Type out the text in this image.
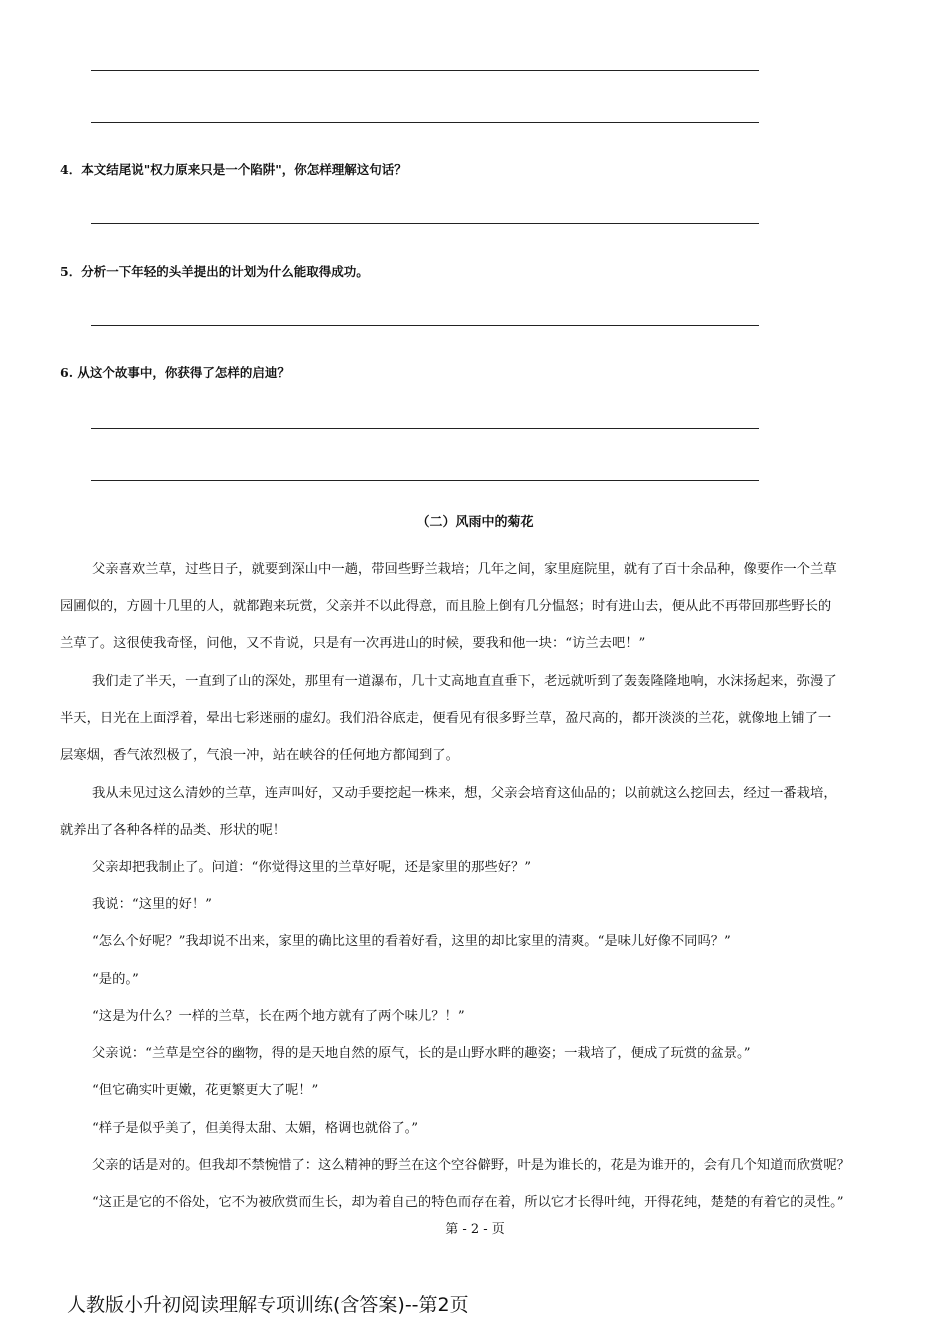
4．本文结尾说"权力原来只是一个陷阱"，你怎样理解这句话？
5．分析一下年轻的头羊提出的计划为什么能取得成功。
6. 从这个故事中，你获得了怎样的启迪？
（二）风雨中的菊花
父亲喜欢兰草，过些日子，就要到深山中一趟，带回些野兰栽培；几年之间，家里庭院里，就有了百十余品种，像要作一个兰草
园圃似的，方圆十几里的人，就都跑来玩赏，父亲并不以此得意，而且脸上倒有几分愠怒；时有进山去，便从此不再带回那些野长的
兰草了。这很使我奇怪，问他，又不肯说，只是有一次再进山的时候，要我和他一块：“访兰去吧！”
我们走了半天，一直到了山的深处，那里有一道瀑布，几十丈高地直直垂下，老远就听到了轰轰隆隆地响，水沫扬起来，弥漫了
半天，日光在上面浮着，晕出七彩迷丽的虚幻。我们沿谷底走，便看见有很多野兰草，盈尺高的，都开淡淡的兰花，就像地上铺了一
层寒烟，香气浓烈极了，气浪一冲，站在峡谷的任何地方都闻到了。
我从未见过这么清妙的兰草，连声叫好，又动手要挖起一株来，想，父亲会培育这仙品的；以前就这么挖回去，经过一番栽培，
就养出了各种各样的品类、形状的呢！
父亲却把我制止了。问道：“你觉得这里的兰草好呢，还是家里的那些好？”
我说：“这里的好！”
“怎么个好呢？”我却说不出来，家里的确比这里的看着好看，这里的却比家里的清爽。“是味儿好像不同吗？”
“是的。”
“这是为什么？一样的兰草，长在两个地方就有了两个味儿？！”
父亲说：“兰草是空谷的幽物，得的是天地自然的原气，长的是山野水畔的趣姿；一栽培了，便成了玩赏的盆景。”
“但它确实叶更嫩，花更繁更大了呢！”
“样子是似乎美了，但美得太甜、太媚，格调也就俗了。”
父亲的话是对的。但我却不禁惋惜了：这么精神的野兰在这个空谷僻野，叶是为谁长的，花是为谁开的，会有几个知道而欣赏呢？
“这正是它的不俗处，它不为被欣赏而生长，却为着自己的特色而存在着，所以它才长得叶纯，开得花纯，楚楚的有着它的灵性。”
第 - 2 - 页
人教版小升初阅读理解专项训练(含答案)--第2页
